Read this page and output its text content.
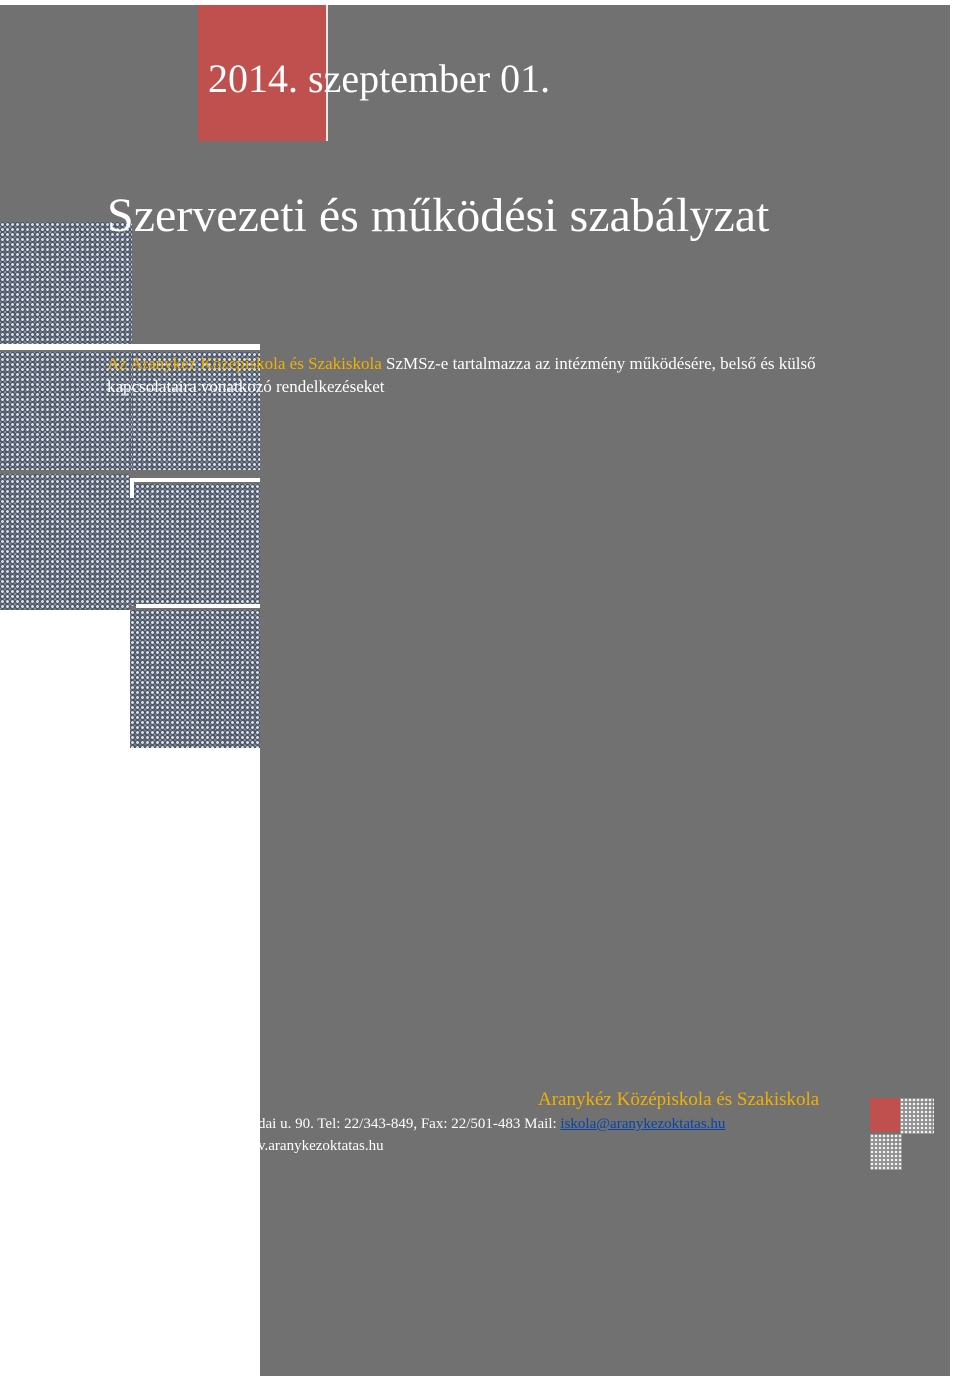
2014. szeptember 01.
Szervezeti és működési szabályzat

Az Aranykéz Középiskola és Szakiskola SzMSz-e tartalmazza az intézmény működésére, belső és külső kapcsolataira vonatkozó rendelkezéseket

Aranykéz Középiskola és Szakiskola

dai u. 90. Tel: 22/343-849, Fax: 22/501-483 Mail: iskola@aranykezoktatas.hu

v.aranykezoktatas.hu
